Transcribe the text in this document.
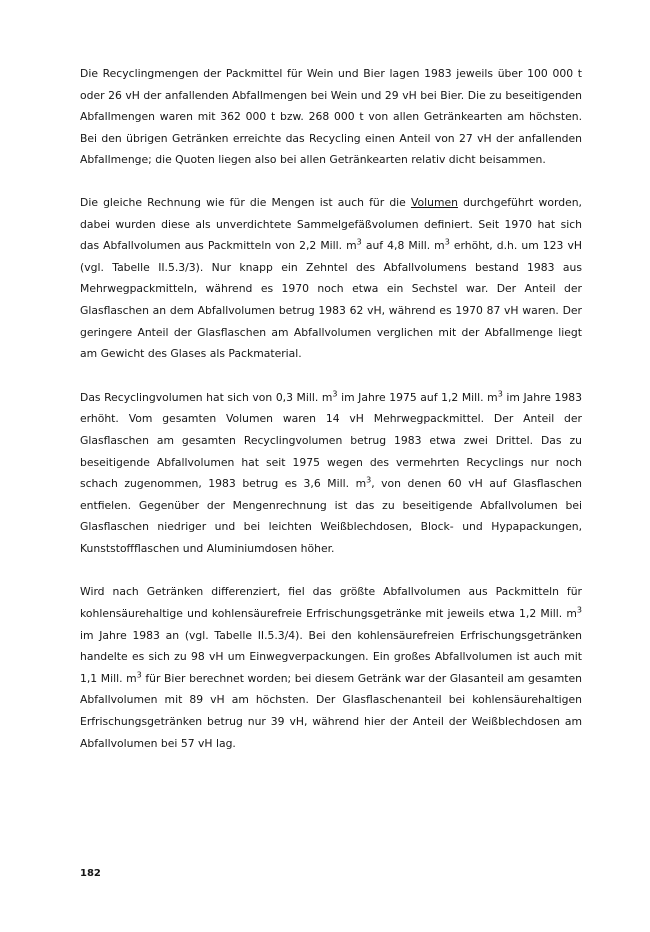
Die Recyclingmengen der Packmittel für Wein und Bier lagen 1983 jeweils über 100 000 t oder 26 vH der anfallenden Abfallmengen bei Wein und 29 vH bei Bier. Die zu beseitigenden Abfallmengen waren mit 362 000 t bzw. 268 000 t von allen Getränkearten am höchsten. Bei den übrigen Getränken erreichte das Recycling einen Anteil von 27 vH der anfallenden Abfallmenge; die Quoten liegen also bei allen Getränkearten relativ dicht beisammen.

Die gleiche Rechnung wie für die Mengen ist auch für die Volumen durchgeführt worden, dabei wurden diese als unverdichtete Sammelgefäßvolumen definiert. Seit 1970 hat sich das Abfallvolumen aus Packmitteln von 2,2 Mill. $m^3$ auf 4,8 Mill. $m^3$ erhöht, d.h. um 123 vH (vgl. Tabelle II.5.3/3). Nur knapp ein Zehntel des Abfallvolumens bestand 1983 aus Mehrwegpackmitteln, während es 1970 noch etwa ein Sechstel war. Der Anteil der Glasflaschen an dem Abfallvolumen betrug 1983 62 vH, während es 1970 87 vH waren. Der geringere Anteil der Glasflaschen am Abfallvolumen verglichen mit der Abfallmenge liegt am Gewicht des Glases als Packmaterial.

Das Recyclingvolumen hat sich von 0,3 Mill. $m^3$ im Jahre 1975 auf 1,2 Mill. $m^3$ im Jahre 1983 erhöht. Vom gesamten Volumen waren 14 vH Mehrwegpackmittel. Der Anteil der Glasflaschen am gesamten Recyclingvolumen betrug 1983 etwa zwei Drittel. Das zu beseitigende Abfallvolumen hat seit 1975 wegen des vermehrten Recyclings nur noch schach zugenommen, 1983 betrug es 3,6 Mill. $m^3$, von denen 60 vH auf Glasflaschen entfielen. Gegenüber der Mengenrechnung ist das zu beseitigende Abfallvolumen bei Glasflaschen niedriger und bei leichten Weißblechdosen, Block- und Hypapackungen, Kunststoffflaschen und Aluminiumdosen höher.

Wird nach Getränken differenziert, fiel das größte Abfallvolumen aus Packmitteln für kohlensäurehaltige und kohlensäurefreie Erfrischungsgetränke mit jeweils etwa 1,2 Mill. $m^3$ im Jahre 1983 an (vgl. Tabelle II.5.3/4). Bei den kohlensäurefreien Erfrischungsgetränken handelte es sich zu 98 vH um Einwegverpackungen. Ein großes Abfallvolumen ist auch mit 1,1 Mill. $m^3$ für Bier berechnet worden; bei diesem Getränk war der Glasanteil am gesamten Abfallvolumen mit 89 vH am höchsten. Der Glasflaschenanteil bei kohlensäurehaltigen Erfrischungsgetränken betrug nur 39 vH, während hier der Anteil der Weißblechdosen am Abfallvolumen bei 57 vH lag.

182
